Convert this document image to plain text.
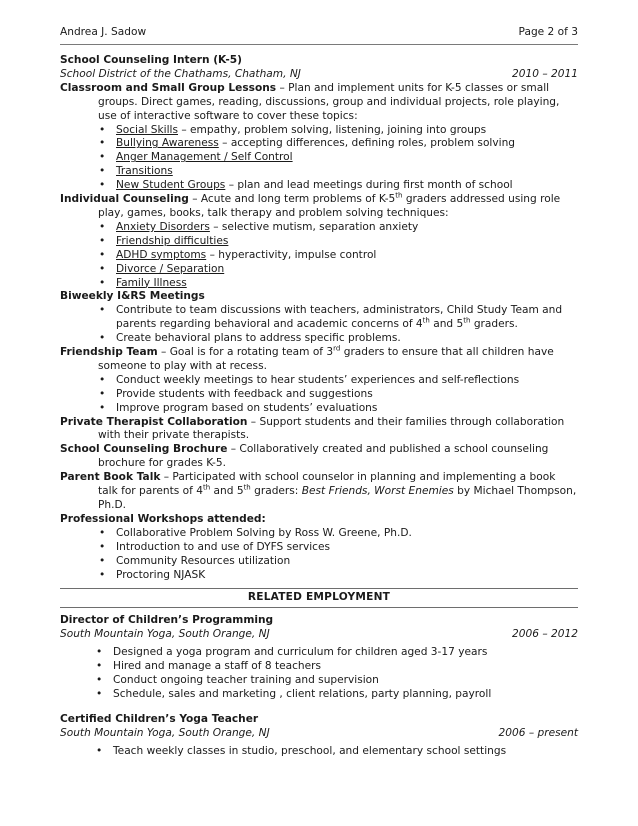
Andrea J. Sadow	Page 2 of 3
School Counseling Intern (K-5)
School District of the Chathams, Chatham, NJ	2010 – 2011

Classroom and Small Group Lessons – Plan and implement units for K-5 classes or small groups. Direct games, reading, discussions, group and individual projects, role playing, use of interactive software to cover these topics:

• Social Skills – empathy, problem solving, listening, joining into groups
• Bullying Awareness – accepting differences, defining roles, problem solving
• Anger Management / Self Control
• Transitions
• New Student Groups – plan and lead meetings during first month of school

Individual Counseling – Acute and long term problems of K-5th graders addressed using role play, games, books, talk therapy and problem solving techniques:

• Anxiety Disorders – selective mutism, separation anxiety
• Friendship difficulties
• ADHD symptoms – hyperactivity, impulse control
• Divorce / Separation
• Family Illness

Biweekly I&RS Meetings

• Contribute to team discussions with teachers, administrators, Child Study Team and parents regarding behavioral and academic concerns of 4th and 5th graders.
• Create behavioral plans to address specific problems.

Friendship Team – Goal is for a rotating team of 3rd graders to ensure that all children have someone to play with at recess.

• Conduct weekly meetings to hear students’ experiences and self-reflections
• Provide students with feedback and suggestions
• Improve program based on students’ evaluations

Private Therapist Collaboration – Support students and their families through collaboration with their private therapists.

School Counseling Brochure – Collaboratively created and published a school counseling brochure for grades K-5.

Parent Book Talk – Participated with school counselor in planning and implementing a book talk for parents of 4th and 5th graders: Best Friends, Worst Enemies by Michael Thompson, Ph.D.

Professional Workshops attended:

• Collaborative Problem Solving by Ross W. Greene, Ph.D.
• Introduction to and use of DYFS services
• Community Resources utilization
• Proctoring NJASK
RELATED EMPLOYMENT
Director of Children’s Programming
South Mountain Yoga, South Orange, NJ	2006 – 2012
• Designed a yoga program and curriculum for children aged 3-17 years
• Hired and manage a staff of 8 teachers
• Conduct ongoing teacher training and supervision
• Schedule, sales and marketing , client relations, party planning, payroll
Certified Children’s Yoga Teacher
South Mountain Yoga, South Orange, NJ	2006 – present
• Teach weekly classes in studio, preschool, and elementary school settings
